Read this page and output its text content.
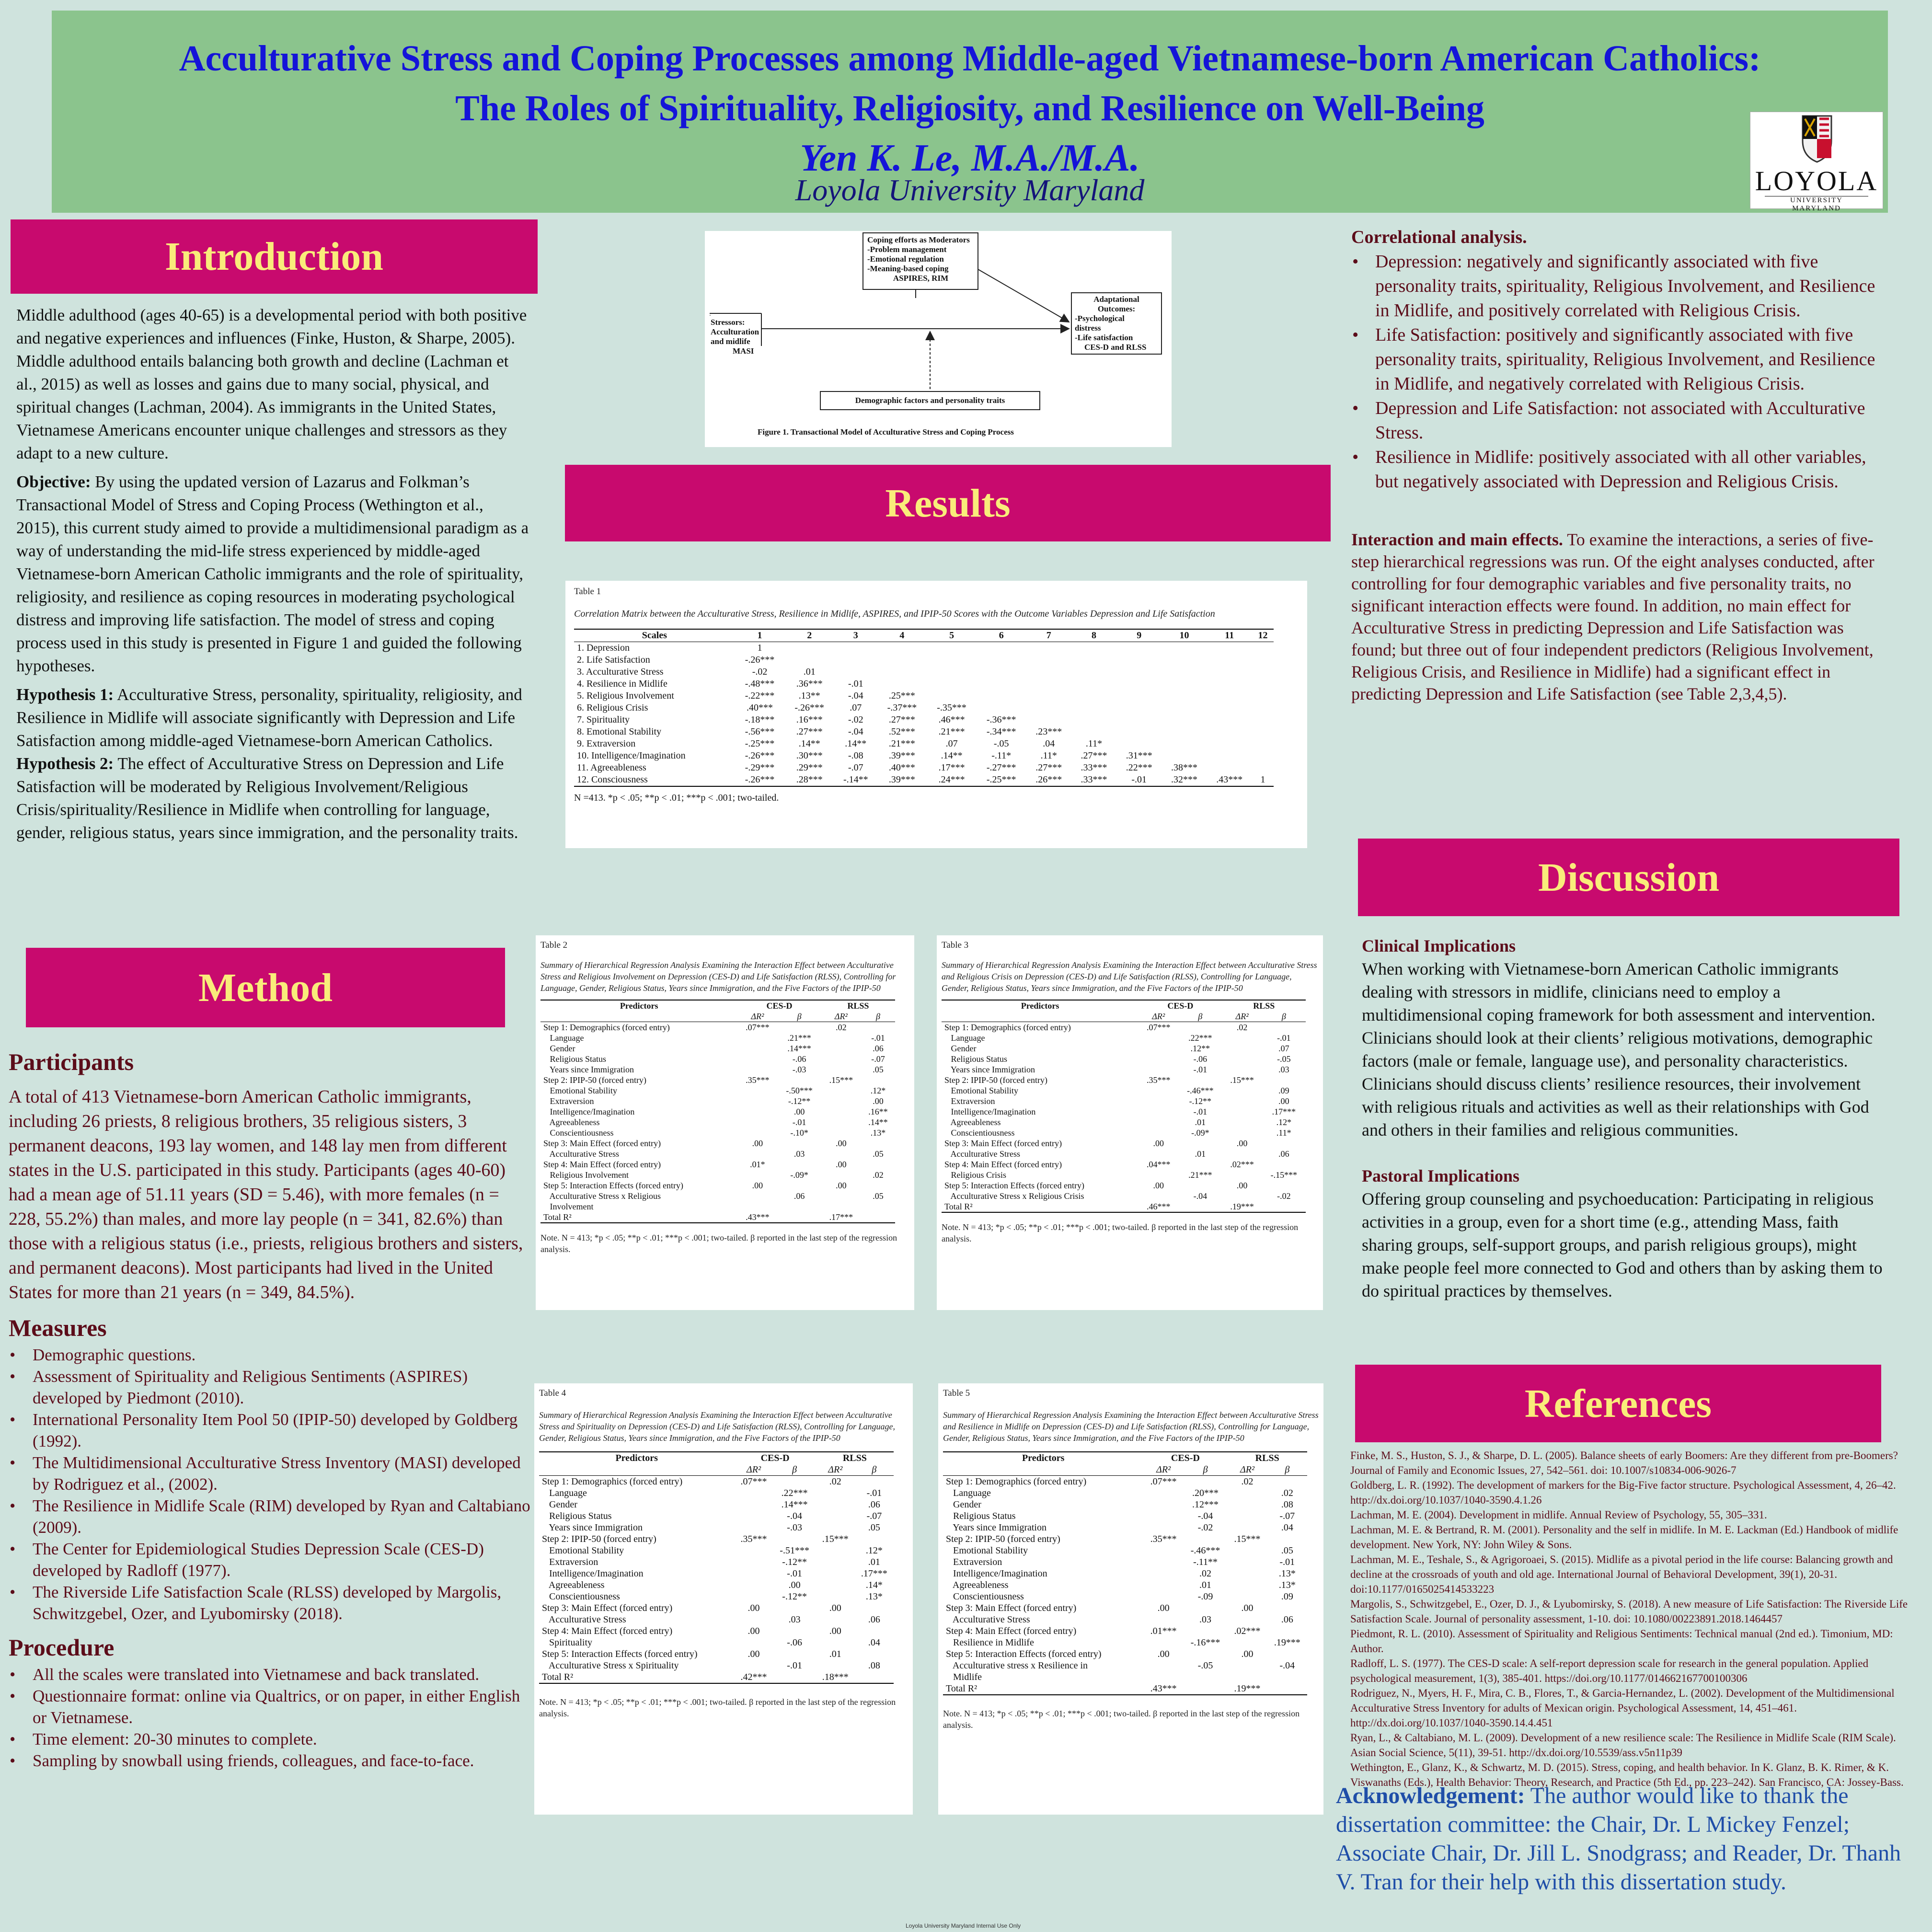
Acculturative Stress and Coping Processes among Middle-aged Vietnamese-born American Catholics:
The Roles of Spirituality, Religiosity, and Resilience on Well-Being
Yen K. Le, M.A./M.A.
Loyola University Maryland	LOYOLA
UNIVERSITY MARYLAND
Introduction

Middle adulthood (ages 40-65) is a developmental period with both positive and negative experiences and influences (Finke, Huston, & Sharpe, 2005). Middle adulthood entails balancing both growth and decline (Lachman et al., 2015) as well as losses and gains due to many social, physical, and spiritual changes (Lachman, 2004). As immigrants in the United States, Vietnamese Americans encounter unique challenges and stressors as they adapt to a new culture.

Objective: By using the updated version of Lazarus and Folkman’s Transactional Model of Stress and Coping Process (Wethington et al., 2015), this current study aimed to provide a multidimensional paradigm as a way of understanding the mid-life stress experienced by middle-aged Vietnamese-born American Catholic immigrants and the role of spirituality, religiosity, and resilience as coping resources in moderating psychological distress and improving life satisfaction. The model of stress and coping process used in this study is presented in Figure 1 and guided the following hypotheses.

Hypothesis 1: Acculturative Stress, personality, spirituality, religiosity, and Resilience in Midlife will associate significantly with Depression and Life Satisfaction among middle-aged Vietnamese-born American Catholics.

Hypothesis 2: The effect of Acculturative Stress on Depression and Life Satisfaction will be moderated by Religious Involvement/Religious Crisis/spirituality/Resilience in Midlife when controlling for language, gender, religious status, years since immigration, and the personality traits.

Method
Participants

A total of 413 Vietnamese-born American Catholic immigrants, including 26 priests, 8 religious brothers, 35 religious sisters, 3 permanent deacons, 193 lay women, and 148 lay men from different states in the U.S. participated in this study. Participants (ages 40-60) had a mean age of 51.11 years (SD = 5.46), with more females (n = 228, 55.2%) than males, and more lay people (n = 341, 82.6%) than those with a religious status (i.e., priests, religious brothers and sisters, and permanent deacons). Most participants had lived in the United States for more than 21 years (n = 349, 84.5%).

Measures
• Demographic questions.
• Assessment of Spirituality and Religious Sentiments (ASPIRES) developed by Piedmont (2010).
• International Personality Item Pool 50 (IPIP-50) developed by Goldberg (1992).
• The Multidimensional Acculturative Stress Inventory (MASI) developed by Rodriguez et al., (2002).
• The Resilience in Midlife Scale (RIM) developed by Ryan and Caltabiano (2009).
• The Center for Epidemiological Studies Depression Scale (CES-D) developed by Radloff (1977).
• The Riverside Life Satisfaction Scale (RLSS) developed by Margolis, Schwitzgebel, Ozer, and Lyubomirsky (2018).
Procedure
• All the scales were translated into Vietnamese and back translated.
• Questionnaire format: online via Qualtrics, or on paper, in either English or Vietnamese.
• Time element: 20-30 minutes to complete.
• Sampling by snowball using friends, colleagues, and face-to-face.
Coping efforts as Moderators
-Problem management
-Emotional regulation
-Meaning-based coping
ASPIRES, RIM
Stressors:
Acculturation
and midlife
MASI
Adaptational
Outcomes:
-Psychological
distress
-Life satisfaction
CES-D and RLSS
Demographic factors and personality traits
Figure 1. Transactional Model of Acculturative Stress and Coping Process
Results
Table 1
Correlation Matrix between the Acculturative Stress, Resilience in Midlife, ASPIRES, and IPIP-50 Scores with the Outcome Variables Depression and Life Satisfaction
Scales	1	2	3	4	5	6	7	8	9	10	11	12
1. Depression	1											
2. Life Satisfaction	-.26***											
3. Acculturative Stress	-.02	.01										
4. Resilience in Midlife	-.48***	.36***	-.01									
5. Religious Involvement	-.22***	.13**	-.04	.25***								
6. Religious Crisis	.40***	-.26***	.07	-.37***	-.35***							
7. Spirituality	-.18***	.16***	-.02	.27***	.46***	-.36***						
8. Emotional Stability	-.56***	.27***	-.04	.52***	.21***	-.34***	.23***					
9. Extraversion	-.25***	.14**	.14**	.21***	.07	-.05	.04	.11*				
10. Intelligence/Imagination	-.26***	.30***	-.08	.39***	.14**	-.11*	.11*	.27***	.31***			
11. Agreeableness	-.29***	.29***	-.07	.40***	.17***	-.27***	.27***	.33***	.22***	.38***		
12. Consciousness	-.26***	.28***	-.14**	.39***	.24***	-.25***	.26***	.33***	-.01	.32***	.43***	1
N =413. *p < .05; **p < .01; ***p < .001; two-tailed.
Table 2
Summary of Hierarchical Regression Analysis Examining the Interaction Effect between Acculturative Stress and Religious Involvement on Depression (CES-D) and Life Satisfaction (RLSS), Controlling for Language, Gender, Religious Status, Years since Immigration, and the Five Factors of the IPIP-50
Predictors	CES-D		RLSS	
	ΔR²	β	ΔR²	β
Step 1: Demographics (forced entry)	.07***		.02	
Language		.21***		-.01
Gender		.14***		.06
Religious Status		-.06		-.07
Years since Immigration		-.03		.05
Step 2: IPIP-50 (forced entry)	.35***		.15***	
Emotional Stability		-.50***		.12*
Extraversion		-.12**		.00
Intelligence/Imagination		.00		.16**
Agreeableness		-.01		.14**
Conscientiousness		-.10*		.13*
Step 3: Main Effect (forced entry)	.00		.00	
Acculturative Stress		.03		.05
Step 4: Main Effect (forced entry)	.01*		.00	
Religious Involvement		-.09*		.02
Step 5: Interaction Effects (forced entry)	.00		.00	
Acculturative Stress x Religious		.06		.05
Involvement				
Total R²	.43***		.17***	
Note. N = 413; *p < .05; **p < .01; ***p < .001; two-tailed. β reported in the last step of the regression analysis.
Table 3
Summary of Hierarchical Regression Analysis Examining the Interaction Effect between Acculturative Stress and Religious Crisis on Depression (CES-D) and Life Satisfaction (RLSS), Controlling for Language, Gender, Religious Status, Years since Immigration, and the Five Factors of the IPIP-50
Predictors	CES-D		RLSS	
	ΔR²	β	ΔR²	β
Step 1: Demographics (forced entry)	.07***		.02	
Language		.22***		-.01
Gender		.12**		.07
Religious Status		-.06		-.05
Years since Immigration		-.01		.03
Step 2: IPIP-50 (forced entry)	.35***		.15***	
Emotional Stability		-.46***		.09
Extraversion		-.12**		.00
Intelligence/Imagination		-.01		.17***
Agreeableness		.01		.12*
Conscientiousness		-.09*		.11*
Step 3: Main Effect (forced entry)	.00		.00	
Acculturative Stress		.01		.06
Step 4: Main Effect (forced entry)	.04***		.02***	
Religious Crisis		.21***		-.15***
Step 5: Interaction Effects (forced entry)	.00		.00	
Acculturative Stress x Religious Crisis		-.04		-.02
Total R²	.46***		.19***	
Note. N = 413; *p < .05; **p < .01; ***p < .001; two-tailed. β reported in the last step of the regression analysis.
Table 4
Summary of Hierarchical Regression Analysis Examining the Interaction Effect between Acculturative Stress and Spirituality on Depression (CES-D) and Life Satisfaction (RLSS), Controlling for Language, Gender, Religious Status, Years since Immigration, and the Five Factors of the IPIP-50
Predictors	CES-D		RLSS	
	ΔR²	β	ΔR²	β
Step 1: Demographics (forced entry)	.07***		.02	
Language		.22***		-.01
Gender		.14***		.06
Religious Status		-.04		-.07
Years since Immigration		-.03		.05
Step 2: IPIP-50 (forced entry)	.35***		.15***	
Emotional Stability		-.51***		.12*
Extraversion		-.12**		.01
Intelligence/Imagination		-.01		.17***
Agreeableness		.00		.14*
Conscientiousness		-.12**		.13*
Step 3: Main Effect (forced entry)	.00		.00	
Acculturative Stress		.03		.06
Step 4: Main Effect (forced entry)	.00		.00	
Spirituality		-.06		.04
Step 5: Interaction Effects (forced entry)	.00		.01	
Acculturative Stress x Spirituality		-.01		.08
Total R²	.42***		.18***	
Note. N = 413; *p < .05; **p < .01; ***p < .001; two-tailed. β reported in the last step of the regression analysis.
Table 5
Summary of Hierarchical Regression Analysis Examining the Interaction Effect between Acculturative Stress and Resilience in Midlife on Depression (CES-D) and Life Satisfaction (RLSS), Controlling for Language, Gender, Religious Status, Years since Immigration, and the Five Factors of the IPIP-50
Predictors	CES-D		RLSS	
	ΔR²	β	ΔR²	β
Step 1: Demographics (forced entry)	.07***		.02	
Language		.20***		.02
Gender		.12***		.08
Religious Status		-.04		-.07
Years since Immigration		-.02		.04
Step 2: IPIP-50 (forced entry)	.35***		.15***	
Emotional Stability		-.46***		.05
Extraversion		-.11**		-.01
Intelligence/Imagination		.02		.13*
Agreeableness		.01		.13*
Conscientiousness		-.09		.09
Step 3: Main Effect (forced entry)	.00		.00	
Acculturative Stress		.03		.06
Step 4: Main Effect (forced entry)	.01***		.02***	
Resilience in Midlife		-.16***		.19***
Step 5: Interaction Effects (forced entry)	.00		.00	
Acculturative stress x Resilience in		-.05		-.04
Midlife				
Total R²	.43***		.19***	
Note. N = 413; *p < .05; **p < .01; ***p < .001; two-tailed. β reported in the last step of the regression analysis.
Correlational analysis.
• Depression: negatively and significantly associated with five personality traits, spirituality, Religious Involvement, and Resilience in Midlife, and positively correlated with Religious Crisis.
• Life Satisfaction: positively and significantly associated with five personality traits, spirituality, Religious Involvement, and Resilience in Midlife, and negatively correlated with Religious Crisis.
• Depression and Life Satisfaction: not associated with Acculturative Stress.
• Resilience in Midlife: positively associated with all other variables, but negatively associated with Depression and Religious Crisis.

Interaction and main effects. To examine the interactions, a series of five-step hierarchical regressions was run. Of the eight analyses conducted, after controlling for four demographic variables and five personality traits, no significant interaction effects were found. In addition, no main effect for Acculturative Stress in predicting Depression and Life Satisfaction was found; but three out of four independent predictors (Religious Involvement, Religious Crisis, and Resilience in Midlife) had a significant effect in predicting Depression and Life Satisfaction (see Table 2,3,4,5).

Discussion
Clinical Implications

When working with Vietnamese-born American Catholic immigrants dealing with stressors in midlife, clinicians need to employ a multidimensional coping framework for both assessment and intervention. Clinicians should look at their clients’ religious motivations, demographic factors (male or female, language use), and personality characteristics. Clinicians should discuss clients’ resilience resources, their involvement with religious rituals and activities as well as their relationships with God and others in their families and religious communities.

Pastoral Implications

Offering group counseling and psychoeducation: Participating in religious activities in a group, even for a short time (e.g., attending Mass, faith sharing groups, self-support groups, and parish religious groups), might make people feel more connected to God and others than by asking them to do spiritual practices by themselves.

References

Finke, M. S., Huston, S. J., & Sharpe, D. L. (2005). Balance sheets of early Boomers: Are they different from pre-Boomers? Journal of Family and Economic Issues, 27, 542–561. doi: 10.1007/s10834-006-9026-7

Goldberg, L. R. (1992). The development of markers for the Big-Five factor structure. Psychological Assessment, 4, 26–42. http://dx.doi.org/10.1037/1040-3590.4.1.26

Lachman, M. E. (2004). Development in midlife. Annual Review of Psychology, 55, 305–331.

Lachman, M. E. & Bertrand, R. M. (2001). Personality and the self in midlife. In M. E. Lackman (Ed.) Handbook of midlife development. New York, NY: John Wiley & Sons.

Lachman, M. E., Teshale, S., & Agrigoroaei, S. (2015). Midlife as a pivotal period in the life course: Balancing growth and decline at the crossroads of youth and old age. International Journal of Behavioral Development, 39(1), 20-31. doi:10.1177/0165025414533223

Margolis, S., Schwitzgebel, E., Ozer, D. J., & Lyubomirsky, S. (2018). A new measure of Life Satisfaction: The Riverside Life Satisfaction Scale. Journal of personality assessment, 1-10. doi: 10.1080/00223891.2018.1464457

Piedmont, R. L. (2010). Assessment of Spirituality and Religious Sentiments: Technical manual (2nd ed.). Timonium, MD: Author.

Radloff, L. S. (1977). The CES-D scale: A self-report depression scale for research in the general population. Applied psychological measurement, 1(3), 385-401. https://doi.org/10.1177/014662167700100306

Rodriguez, N., Myers, H. F., Mira, C. B., Flores, T., & Garcia-Hernandez, L. (2002). Development of the Multidimensional Acculturative Stress Inventory for adults of Mexican origin. Psychological Assessment, 14, 451–461. http://dx.doi.org/10.1037/1040-3590.14.4.451

Ryan, L., & Caltabiano, M. L. (2009). Development of a new resilience scale: The Resilience in Midlife Scale (RIM Scale). Asian Social Science, 5(11), 39-51. http://dx.doi.org/10.5539/ass.v5n11p39

Wethington, E., Glanz, K., & Schwartz, M. D. (2015). Stress, coping, and health behavior. In K. Glanz, B. K. Rimer, & K. Viswanaths (Eds.), Health Behavior: Theory, Research, and Practice (5th Ed., pp. 223–242). San Francisco, CA: Jossey-Bass.

Acknowledgement: The author would like to thank the dissertation committee: the Chair, Dr. L Mickey Fenzel; Associate Chair, Dr. Jill L. Snodgrass; and Reader, Dr. Thanh V. Tran for their help with this dissertation study.
Loyola University Maryland Internal Use Only
